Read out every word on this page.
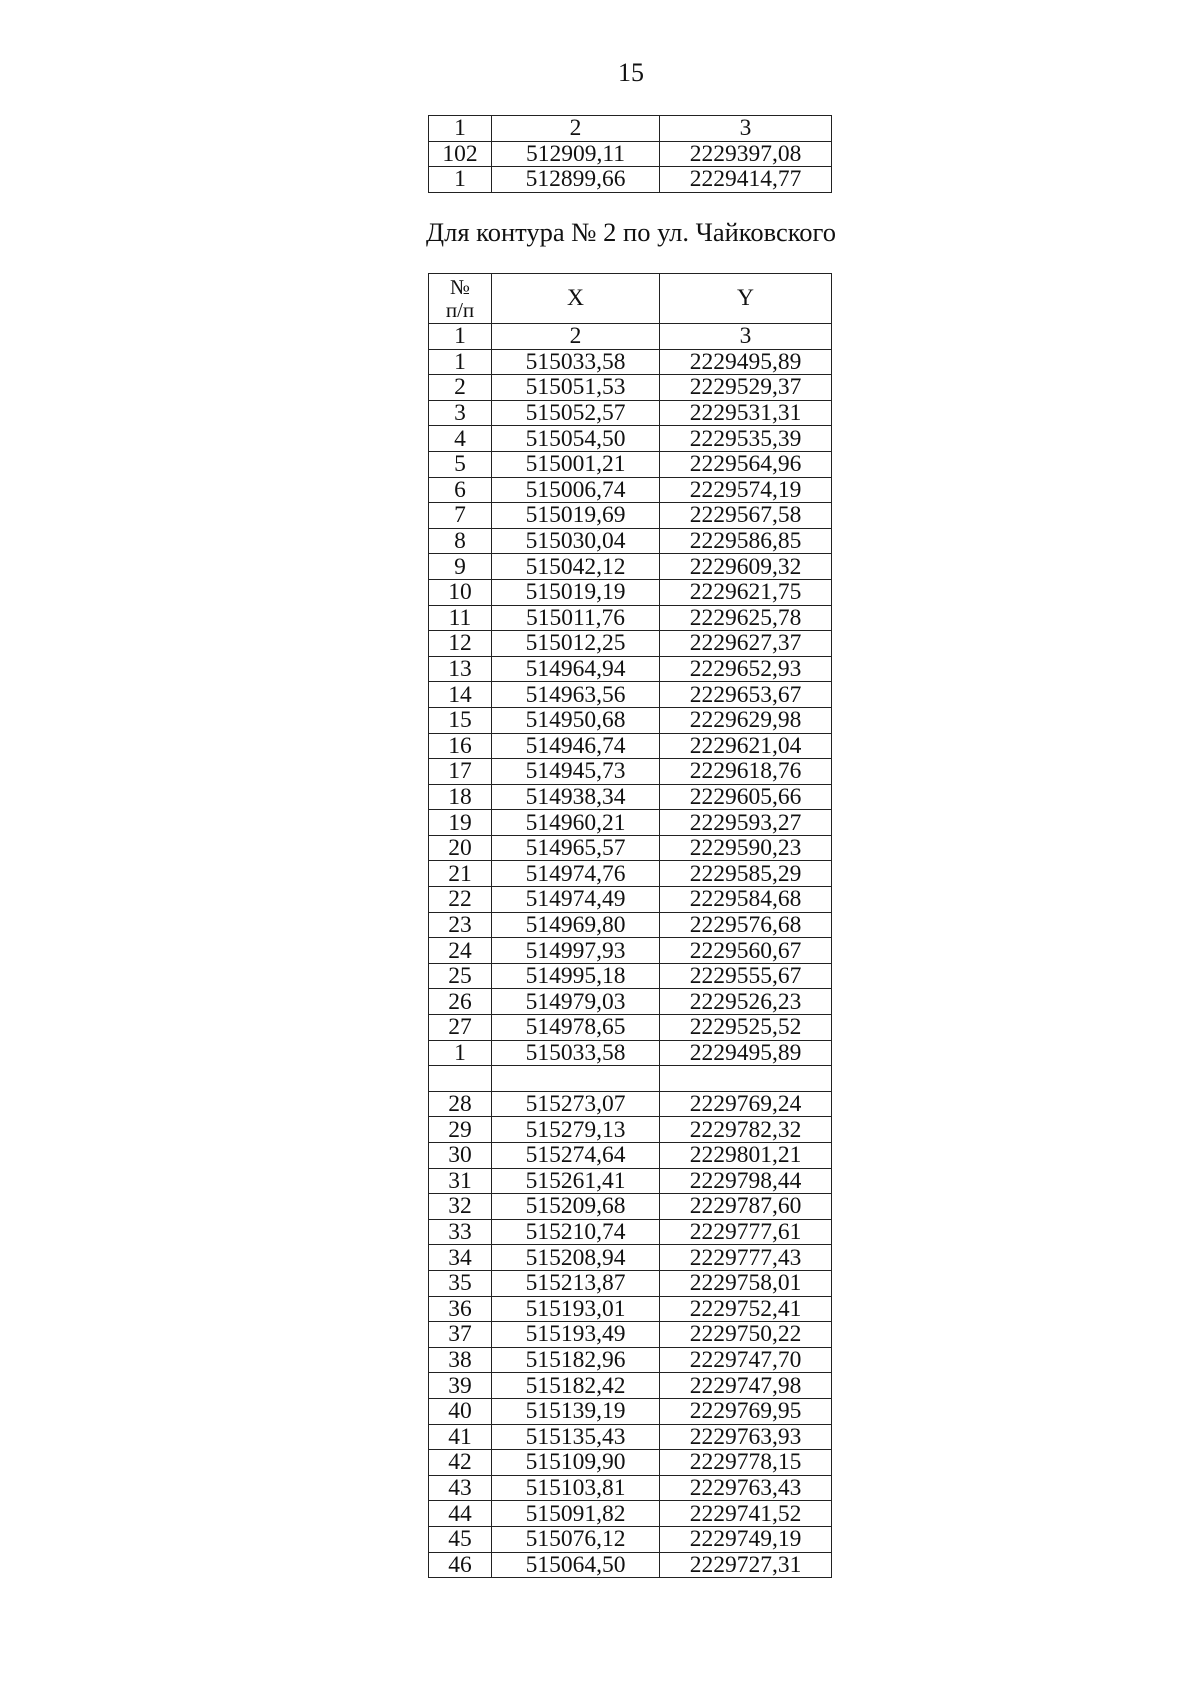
15
1	2	3
102	512909,11	2229397,08
1	512899,66	2229414,77
Для контура № 2 по ул. Чайковского
№
п/п	X	Y
1	2	3
1	515033,58	2229495,89
2	515051,53	2229529,37
3	515052,57	2229531,31
4	515054,50	2229535,39
5	515001,21	2229564,96
6	515006,74	2229574,19
7	515019,69	2229567,58
8	515030,04	2229586,85
9	515042,12	2229609,32
10	515019,19	2229621,75
11	515011,76	2229625,78
12	515012,25	2229627,37
13	514964,94	2229652,93
14	514963,56	2229653,67
15	514950,68	2229629,98
16	514946,74	2229621,04
17	514945,73	2229618,76
18	514938,34	2229605,66
19	514960,21	2229593,27
20	514965,57	2229590,23
21	514974,76	2229585,29
22	514974,49	2229584,68
23	514969,80	2229576,68
24	514997,93	2229560,67
25	514995,18	2229555,67
26	514979,03	2229526,23
27	514978,65	2229525,52
1	515033,58	2229495,89

28	515273,07	2229769,24
29	515279,13	2229782,32
30	515274,64	2229801,21
31	515261,41	2229798,44
32	515209,68	2229787,60
33	515210,74	2229777,61
34	515208,94	2229777,43
35	515213,87	2229758,01
36	515193,01	2229752,41
37	515193,49	2229750,22
38	515182,96	2229747,70
39	515182,42	2229747,98
40	515139,19	2229769,95
41	515135,43	2229763,93
42	515109,90	2229778,15
43	515103,81	2229763,43
44	515091,82	2229741,52
45	515076,12	2229749,19
46	515064,50	2229727,31
